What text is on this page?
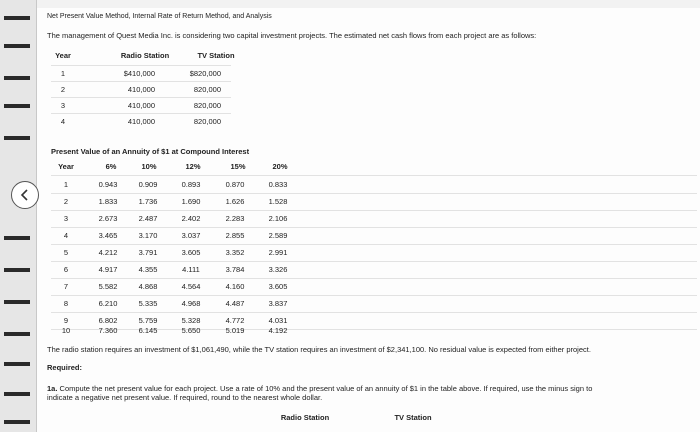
Net Present Value Method, Internal Rate of Return Method, and Analysis
The management of Quest Media Inc. is considering two capital investment projects. The estimated net cash flows from each project are as follows:
Year	Radio Station	TV Station
1	$410,000	$820,000
2	410,000	820,000
3	410,000	820,000
4	410,000	820,000
Present Value of an Annuity of $1 at Compound Interest
Year	6%	10%	12%	15%	20%
1	0.943	0.909	0.893	0.870	0.833
2	1.833	1.736	1.690	1.626	1.528
3	2.673	2.487	2.402	2.283	2.106
4	3.465	3.170	3.037	2.855	2.589
5	4.212	3.791	3.605	3.352	2.991
6	4.917	4.355	4.111	3.784	3.326
7	5.582	4.868	4.564	4.160	3.605
8	6.210	5.335	4.968	4.487	3.837
9	6.802	5.759	5.328	4.772	4.031
10	7.360	6.145	5.650	5.019	4.192
The radio station requires an investment of $1,061,490, while the TV station requires an investment of $2,341,100. No residual value is expected from either project.
Required:
1a. Compute the net present value for each project. Use a rate of 10% and the present value of an annuity of $1 in the table above. If required, use the minus sign to
indicate a negative net present value. If required, round to the nearest whole dollar.
Radio Station	TV Station
